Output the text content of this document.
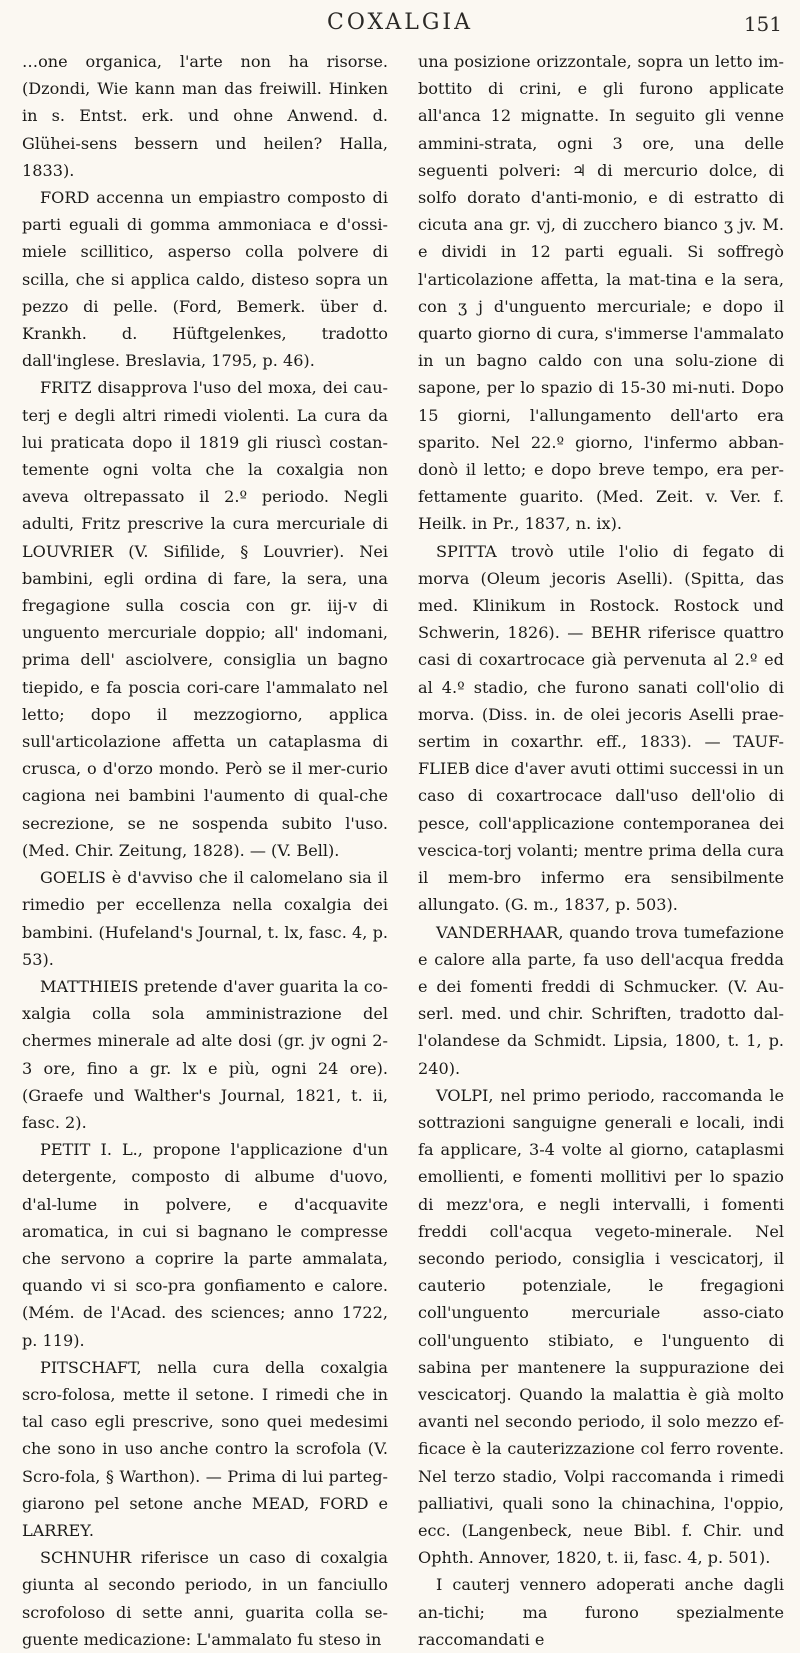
COXALGIA	151

…one organica, l'arte non ha risorse. (Dzondi, Wie kann man das freiwill. Hinken in s. Entst. erk. und ohne Anwend. d. Glühei-sens bessern und heilen? Halla, 1833).

FORD accenna un empiastro composto di parti eguali di gomma ammoniaca e d'ossi-miele scillitico, asperso colla polvere di scilla, che si applica caldo, disteso sopra un pezzo di pelle. (Ford, Bemerk. über d. Krankh. d. Hüftgelenkes, tradotto dall'inglese. Breslavia, 1795, p. 46).

FRITZ disapprova l'uso del moxa, dei cau-terj e degli altri rimedi violenti. La cura da lui praticata dopo il 1819 gli riuscì costan-temente ogni volta che la coxalgia non aveva oltrepassato il 2.º periodo. Negli adulti, Fritz prescrive la cura mercuriale di LOUVRIER (V. Sifilide, § Louvrier). Nei bambini, egli ordina di fare, la sera, una fregagione sulla coscia con gr. iij-v di unguento mercuriale doppio; all' indomani, prima dell' asciolvere, consiglia un bagno tiepido, e fa poscia cori-care l'ammalato nel letto; dopo il mezzogiorno, applica sull'articolazione affetta un cataplasma di crusca, o d'orzo mondo. Però se il mer-curio cagiona nei bambini l'aumento di qual-che secrezione, se ne sospenda subito l'uso. (Med. Chir. Zeitung, 1828). — (V. Bell).

GOELIS è d'avviso che il calomelano sia il rimedio per eccellenza nella coxalgia dei bambini. (Hufeland's Journal, t. lx, fasc. 4, p. 53).

MATTHIEIS pretende d'aver guarita la co-xalgia colla sola amministrazione del chermes minerale ad alte dosi (gr. jv ogni 2-3 ore, fino a gr. lx e più, ogni 24 ore). (Graefe und Walther's Journal, 1821, t. ii, fasc. 2).

PETIT I. L., propone l'applicazione d'un detergente, composto di albume d'uovo, d'al-lume in polvere, e d'acquavite aromatica, in cui si bagnano le compresse che servono a coprire la parte ammalata, quando vi si sco-pra gonfiamento e calore. (Mém. de l'Acad. des sciences; anno 1722, p. 119).

PITSCHAFT, nella cura della coxalgia scro-folosa, mette il setone. I rimedi che in tal caso egli prescrive, sono quei medesimi che sono in uso anche contro la scrofola (V. Scro-fola, § Warthon). — Prima di lui parteg-giarono pel setone anche MEAD, FORD e LARREY.

SCHNUHR riferisce un caso di coxalgia giunta al secondo periodo, in un fanciullo scrofoloso di sette anni, guarita colla se-guente medicazione: L'ammalato fu steso in

una posizione orizzontale, sopra un letto im-bottito di crini, e gli furono applicate all'anca 12 mignatte. In seguito gli venne ammini-strata, ogni 3 ore, una delle seguenti polveri: ♃ di mercurio dolce, di solfo dorato d'anti-monio, e di estratto di cicuta ana gr. vj, di zucchero bianco ʒ jv. M. e dividi in 12 parti eguali. Si soffregò l'articolazione affetta, la mat-tina e la sera, con ʒ j d'unguento mercuriale; e dopo il quarto giorno di cura, s'immerse l'ammalato in un bagno caldo con una solu-zione di sapone, per lo spazio di 15-30 mi-nuti. Dopo 15 giorni, l'allungamento dell'arto era sparito. Nel 22.º giorno, l'infermo abban-donò il letto; e dopo breve tempo, era per-fettamente guarito. (Med. Zeit. v. Ver. f. Heilk. in Pr., 1837, n. ix).

SPITTA trovò utile l'olio di fegato di morva (Oleum jecoris Aselli). (Spitta, das med. Klinikum in Rostock. Rostock und Schwerin, 1826). — BEHR riferisce quattro casi di coxartrocace già pervenuta al 2.º ed al 4.º stadio, che furono sanati coll'olio di morva. (Diss. in. de olei jecoris Aselli prae-sertim in coxarthr. eff., 1833). — TAUF-FLIEB dice d'aver avuti ottimi successi in un caso di coxartrocace dall'uso dell'olio di pesce, coll'applicazione contemporanea dei vescica-torj volanti; mentre prima della cura il mem-bro infermo era sensibilmente allungato. (G. m., 1837, p. 503).

VANDERHAAR, quando trova tumefazione e calore alla parte, fa uso dell'acqua fredda e dei fomenti freddi di Schmucker. (V. Au-serl. med. und chir. Schriften, tradotto dal-l'olandese da Schmidt. Lipsia, 1800, t. 1, p. 240).

VOLPI, nel primo periodo, raccomanda le sottrazioni sanguigne generali e locali, indi fa applicare, 3-4 volte al giorno, cataplasmi emollienti, e fomenti mollitivi per lo spazio di mezz'ora, e negli intervalli, i fomenti freddi coll'acqua vegeto-minerale. Nel secondo periodo, consiglia i vescicatorj, il cauterio potenziale, le fregagioni coll'unguento mercuriale asso-ciato coll'unguento stibiato, e l'unguento di sabina per mantenere la suppurazione dei vescicatorj. Quando la malattia è già molto avanti nel secondo periodo, il solo mezzo ef-ficace è la cauterizzazione col ferro rovente. Nel terzo stadio, Volpi raccomanda i rimedi palliativi, quali sono la chinachina, l'oppio, ecc. (Langenbeck, neue Bibl. f. Chir. und Ophth. Annover, 1820, t. ii, fasc. 4, p. 501).

I cauterj vennero adoperati anche dagli an-tichi; ma furono spezialmente raccomandati e
